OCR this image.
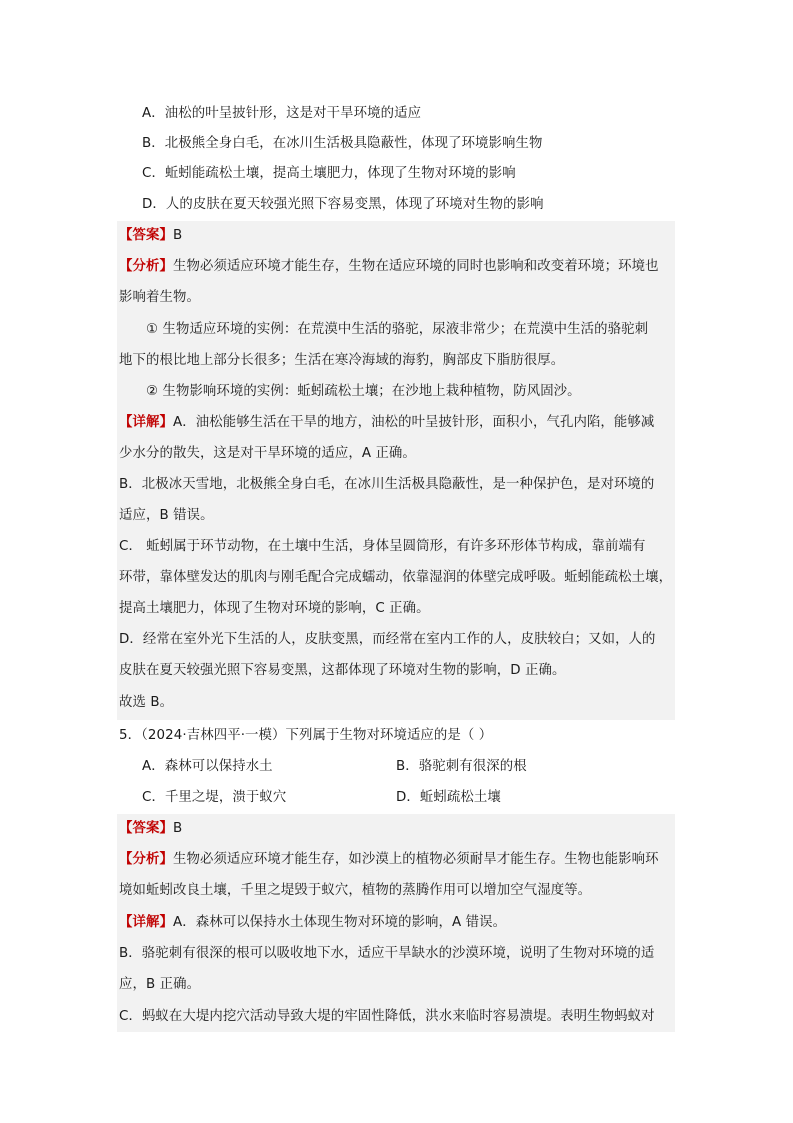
A．油松的叶呈披针形，这是对干旱环境的适应
B．北极熊全身白毛，在冰川生活极具隐蔽性，体现了环境影响生物
C．蚯蚓能疏松土壤，提高土壤肥力，体现了生物对环境的影响
D．人的皮肤在夏天较强光照下容易变黑，体现了环境对生物的影响
【答案】B
【分析】生物必须适应环境才能生存，生物在适应环境的同时也影响和改变着环境；环境也
影响着生物。
① 生物适应环境的实例：在荒漠中生活的骆驼，尿液非常少；在荒漠中生活的骆驼刺
地下的根比地上部分长很多；生活在寒冷海域的海豹，胸部皮下脂肪很厚。
② 生物影响环境的实例：蚯蚓疏松土壤；在沙地上栽种植物，防风固沙。
【详解】A．油松能够生活在干旱的地方，油松的叶呈披针形，面积小，气孔内陷，能够减
少水分的散失，这是对干旱环境的适应，A 正确。
B．北极冰天雪地，北极熊全身白毛，在冰川生活极具隐蔽性，是一种保护色，是对环境的
适应，B 错误。
C． 蚯蚓属于环节动物，在土壤中生活，身体呈圆筒形，有许多环形体节构成，靠前端有
环带，靠体壁发达的肌肉与刚毛配合完成蠕动，依靠湿润的体壁完成呼吸。蚯蚓能疏松土壤，
提高土壤肥力，体现了生物对环境的影响，C 正确。
D．经常在室外光下生活的人，皮肤变黑，而经常在室内工作的人，皮肤较白；又如，人的
皮肤在夏天较强光照下容易变黑，这都体现了环境对生物的影响，D 正确。
故选 B。
5．（2024·吉林四平·一模）下列属于生物对环境适应的是（ ）
A．森林可以保持水土	B．骆驼刺有很深的根
C．千里之堤，溃于蚁穴	D．蚯蚓疏松土壤
【答案】B
【分析】生物必须适应环境才能生存，如沙漠上的植物必须耐旱才能生存。生物也能影响环
境如蚯蚓改良土壤，千里之堤毁于蚁穴，植物的蒸腾作用可以增加空气湿度等。
【详解】A．森林可以保持水土体现生物对环境的影响，A 错误。
B．骆驼刺有很深的根可以吸收地下水，适应干旱缺水的沙漠环境，说明了生物对环境的适
应，B 正确。
C．蚂蚁在大堤内挖穴活动导致大堤的牢固性降低，洪水来临时容易溃堤。表明生物蚂蚁对
